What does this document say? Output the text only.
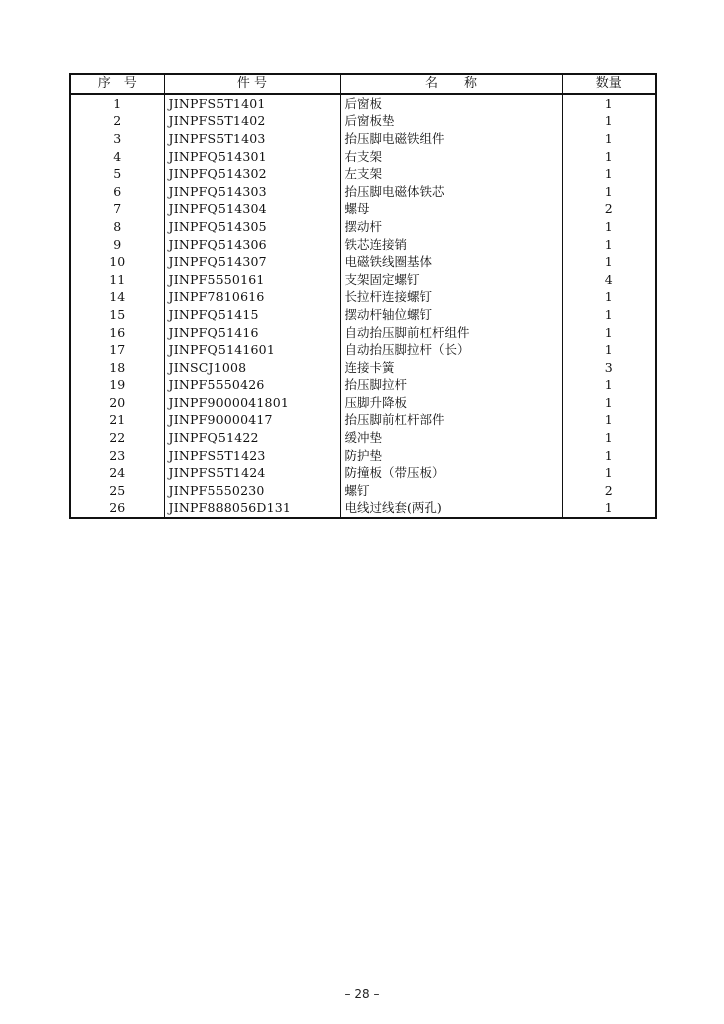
序　号	件 号	名　　称	数量
1	JINPFS5T1401	后窗板	1
2	JINPFS5T1402	后窗板垫	1
3	JINPFS5T1403	抬压脚电磁铁组件	1
4	JINPFQ514301	右支架	1
5	JINPFQ514302	左支架	1
6	JINPFQ514303	抬压脚电磁体铁芯	1
7	JINPFQ514304	螺母	2
8	JINPFQ514305	摆动杆	1
9	JINPFQ514306	铁芯连接销	1
10	JINPFQ514307	电磁铁线圈基体	1
11	JINPF5550161	支架固定螺钉	4
14	JINPF7810616	长拉杆连接螺钉	1
15	JINPFQ51415	摆动杆轴位螺钉	1
16	JINPFQ51416	自动抬压脚前杠杆组件	1
17	JINPFQ5141601	自动抬压脚拉杆（长）	1
18	JINSCJ1008	连接卡簧	3
19	JINPF5550426	抬压脚拉杆	1
20	JINPF9000041801	压脚升降板	1
21	JINPF90000417	抬压脚前杠杆部件	1
22	JINPFQ51422	缓冲垫	1
23	JINPFS5T1423	防护垫	1
24	JINPFS5T1424	防撞板（带压板）	1
25	JINPF5550230	螺钉	2
26	JINPF888056D131	电线过线套(两孔)	1
– 28 –
